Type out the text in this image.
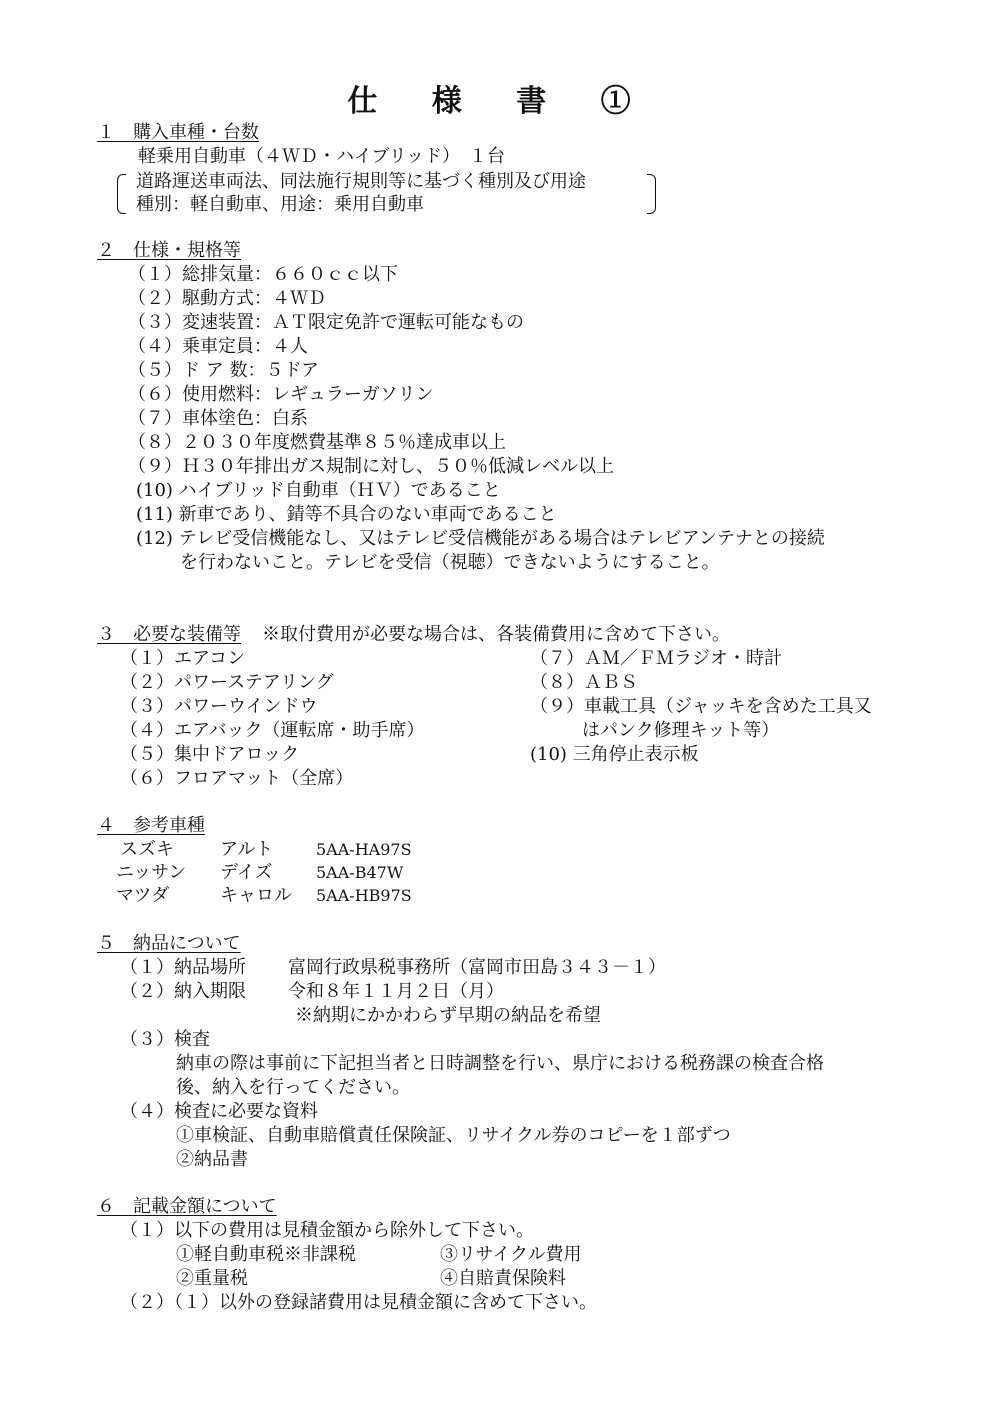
仕 様 書 ①
１　購入車種・台数
軽乗用自動車（４ＷＤ・ハイブリッド）　１台
道路運送車両法、同法施行規則等に基づく種別及び用途
種別：軽自動車、用途：乗用自動車
２　仕様・規格等
（１）総排気量：６６０ｃｃ以下
（２）駆動方式：４ＷＤ
（３）変速装置：ＡＴ限定免許で運転可能なもの
（４）乗車定員：４人
（５）ド ア 数：５ドア
（６）使用燃料：レギュラーガソリン
（７）車体塗色：白系
（８）２０３０年度燃費基準８５％達成車以上
（９）Ｈ３０年排出ガス規制に対し、５０％低減レベル以上
(10) ハイブリッド自動車（ＨＶ）であること
(11) 新車であり、錆等不具合のない車両であること
(12) テレビ受信機能なし、又はテレビ受信機能がある場合はテレビアンテナとの接続
を行わないこと。テレビを受信（視聴）できないようにすること。
３　必要な装備等 ※取付費用が必要な場合は、各装備費用に含めて下さい。
（１）エアコン
（２）パワーステアリング
（３）パワーウインドウ
（４）エアバック（運転席・助手席）
（５）集中ドアロック
（６）フロアマット（全席）
（７）ＡＭ／ＦＭラジオ・時計
（８）ＡＢＳ
（９）車載工具（ジャッキを含めた工具又
はパンク修理キット等）
(10) 三角停止表示板
４　参考車種
スズキ	アルト	5AA-HA97S
ニッサン デイズ	5AA-B47W
マツダ	キャロル 5AA-HB97S
５　納品について
（１）納品場所 富岡行政県税事務所（富岡市田島３４３－１）
（２）納入期限 令和８年１１月２日（月）
※納期にかかわらず早期の納品を希望
（３）検査
納車の際は事前に下記担当者と日時調整を行い、県庁における税務課の検査合格
後、納入を行ってください。
（４）検査に必要な資料
①車検証、自動車賠償責任保険証、リサイクル券のコピーを１部ずつ
②納品書
６　記載金額について
（１）以下の費用は見積金額から除外して下さい。
①軽自動車税※非課税	③リサイクル費用
②重量税	④自賠責保険料
（２）（１）以外の登録諸費用は見積金額に含めて下さい。
